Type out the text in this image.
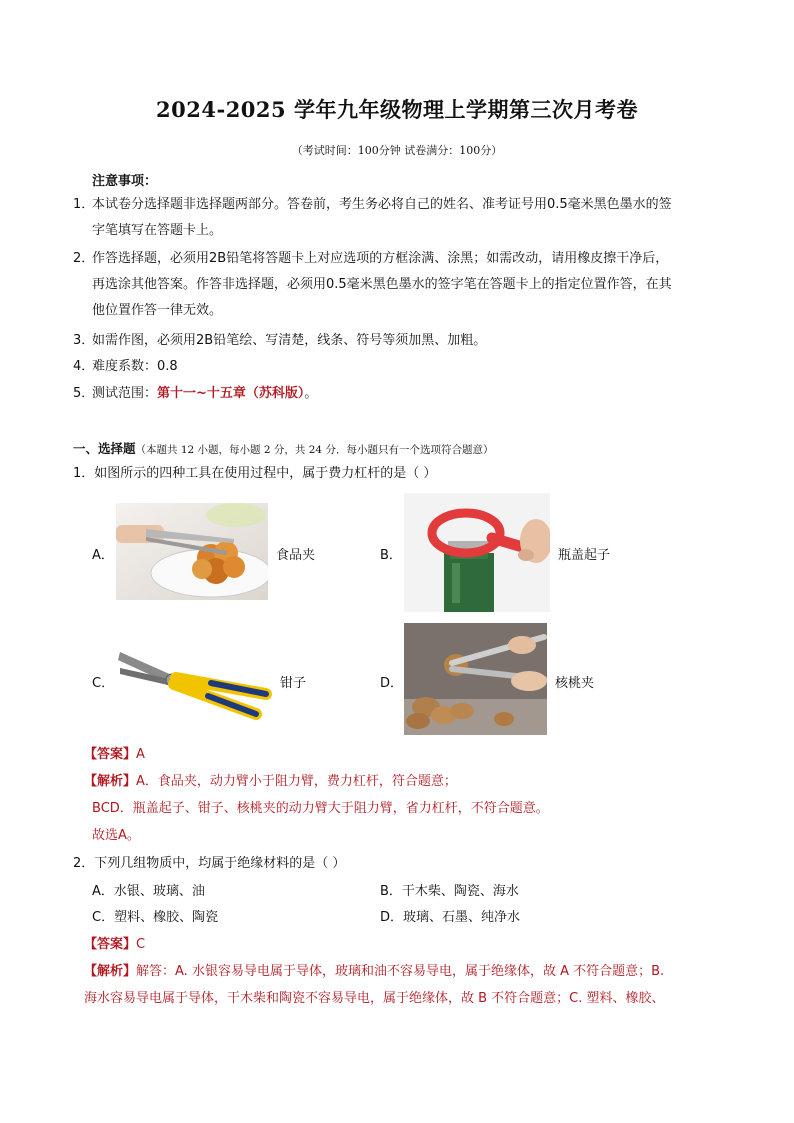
2024-2025 学年九年级物理上学期第三次月考卷
（考试时间：100分钟 试卷满分：100分）
注意事项：
1．
本试卷分选择题非选择题两部分。答卷前，考生务必将自己的姓名、准考证号用0.5毫米黑色墨水的签
字笔填写在答题卡上。
2．
作答选择题，必须用2B铅笔将答题卡上对应选项的方框涂满、涂黑；如需改动，请用橡皮擦干净后，
再选涂其他答案。作答非选择题，必须用0.5毫米黑色墨水的签字笔在答题卡上的指定位置作答，在其
他位置作答一律无效。
3．
如需作图，必须用2B铅笔绘、写清楚，线条、符号等须加黑、加粗。
4．
难度系数：0.8
5．
测试范围：第十一~十五章（苏科版）。
一、选择题（本题共 12 小题，每小题 2 分，共 24 分．每小题只有一个选项符合题意）
1．如图所示的四种工具在使用过程中，属于费力杠杆的是（ ）
A．	食品夹	B．	瓶盖起子
C．	钳子	D．	核桃夹
【答案】A
【解析】A．食品夹，动力臂小于阻力臂，费力杠杆，符合题意；
BCD．瓶盖起子、钳子、核桃夹的动力臂大于阻力臂，省力杠杆，不符合题意。
故选A。
2．下列几组物质中，均属于绝缘材料的是（ ）
A．水银、玻璃、油	B．干木柴、陶瓷、海水
C．塑料、橡胶、陶瓷	D．玻璃、石墨、纯净水
【答案】C
【解析】解答：A. 水银容易导电属于导体，玻璃和油不容易导电，属于绝缘体，故 A 不符合题意；B.
海水容易导电属于导体，干木柴和陶瓷不容易导电，属于绝缘体，故 B 不符合题意；C. 塑料、橡胶、
